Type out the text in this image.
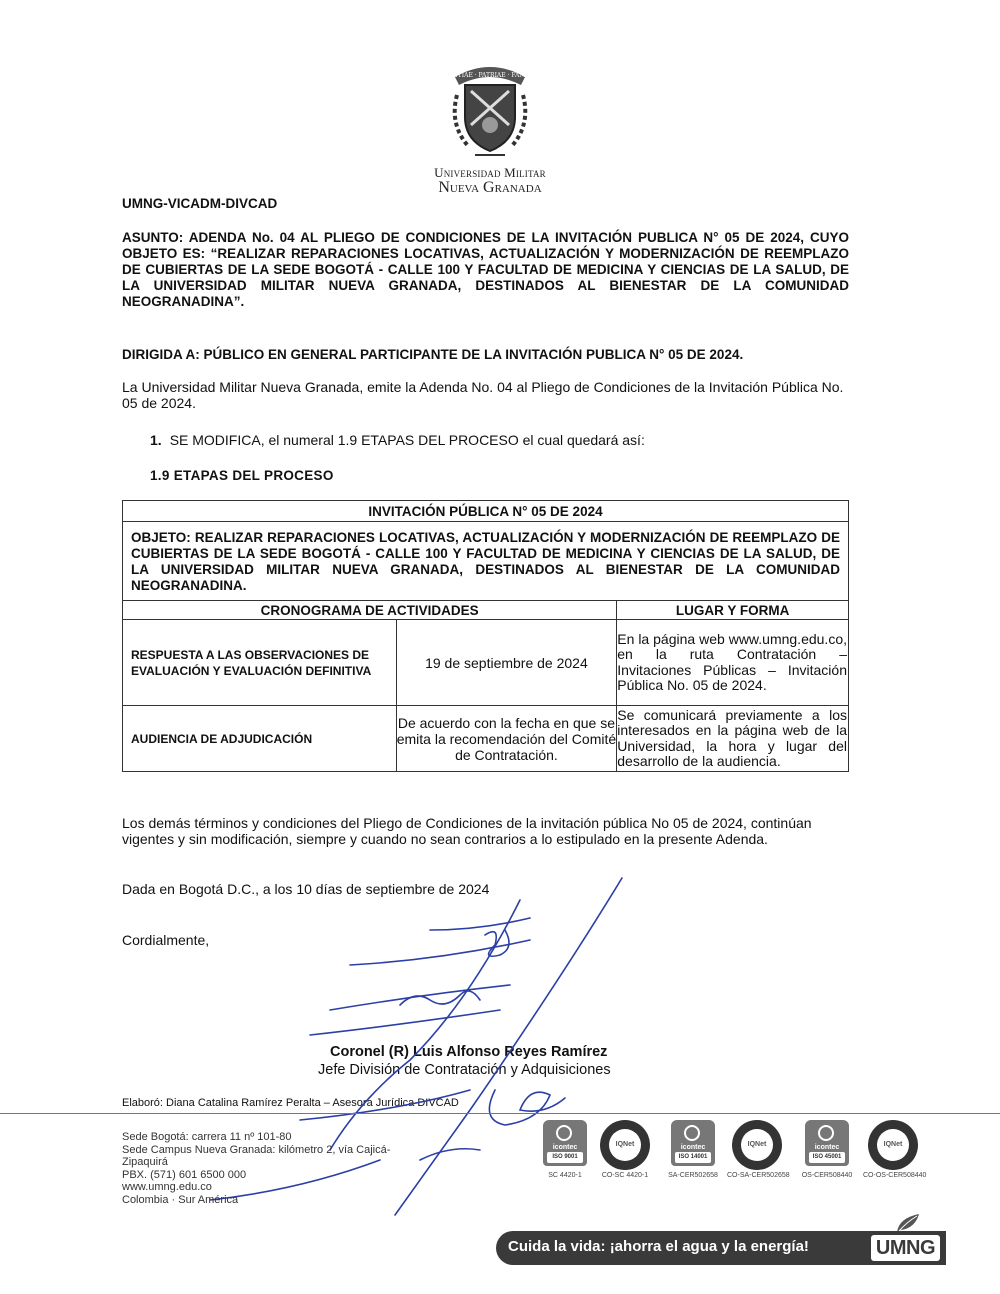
SCIENTIAE · PATRIAE · FAMILIAE
Universidad Militar
Nueva Granada
UMNG-VICADM-DIVCAD
ASUNTO: ADENDA No. 04 AL PLIEGO DE CONDICIONES DE LA INVITACIÓN PUBLICA N° 05 DE 2024, CUYO OBJETO ES: “REALIZAR REPARACIONES LOCATIVAS, ACTUALIZACIÓN Y MODERNIZACIÓN DE REEMPLAZO DE CUBIERTAS DE LA SEDE BOGOTÁ - CALLE 100 Y FACULTAD DE MEDICINA Y CIENCIAS DE LA SALUD, DE LA UNIVERSIDAD MILITAR NUEVA GRANADA, DESTINADOS AL BIENESTAR DE LA COMUNIDAD NEOGRANADINA”.
DIRIGIDA A: PÚBLICO EN GENERAL PARTICIPANTE DE LA INVITACIÓN PUBLICA N° 05 DE 2024.
La Universidad Militar Nueva Granada, emite la Adenda No. 04 al Pliego de Condiciones de la Invitación Pública No. 05 de 2024.
1. SE MODIFICA, el numeral 1.9 ETAPAS DEL PROCESO el cual quedará así:
1.9 ETAPAS DEL PROCESO
INVITACIÓN PÚBLICA N° 05 DE 2024		
OBJETO: REALIZAR REPARACIONES LOCATIVAS, ACTUALIZACIÓN Y MODERNIZACIÓN DE REEMPLAZO DE CUBIERTAS DE LA SEDE BOGOTÁ - CALLE 100 Y FACULTAD DE MEDICINA Y CIENCIAS DE LA SALUD, DE LA UNIVERSIDAD MILITAR NUEVA GRANADA, DESTINADOS AL BIENESTAR DE LA COMUNIDAD NEOGRANADINA.		
CRONOGRAMA DE ACTIVIDADES		LUGAR Y FORMA
RESPUESTA A LAS OBSERVACIONES DE EVALUACIÓN Y EVALUACIÓN DEFINITIVA	19 de septiembre de 2024	En la página web www.umng.edu.co, en la ruta Contratación – Invitaciones Públicas – Invitación Pública No. 05 de 2024.
AUDIENCIA DE ADJUDICACIÓN	De acuerdo con la fecha en que se emita la recomendación del Comité de Contratación.	Se comunicará previamente a los interesados en la página web de la Universidad, la hora y lugar del desarrollo de la audiencia.
Los demás términos y condiciones del Pliego de Condiciones de la invitación pública No 05 de 2024, continúan vigentes y sin modificación, siempre y cuando no sean contrarios a lo estipulado en la presente Adenda.
Dada en Bogotá D.C., a los 10 días de septiembre de 2024
Cordialmente,
Coronel (R) Luis Alfonso Reyes Ramírez
Jefe División de Contratación y Adquisiciones
Elaboró: Diana Catalina Ramírez Peralta – Asesora Jurídica DIVCAD
Sede Bogotá: carrera 11 nº 101-80
Sede Campus Nueva Granada: kilómetro 2, vía Cajicá-Zipaquirá
PBX. (571) 601 6500 000
www.umng.edu.co
Colombia · Sur América
icontec
ISO 9001
SC 4420-1
IQNet
CO-SC 4420-1
icontec
ISO 14001
SA-CER502658
IQNet
CO-SA-CER502658
icontec
ISO 45001
OS-CER508440
IQNet
CO-OS-CER508440
Cuida la vida: ¡ahorra el agua y la energía!	UMNG
